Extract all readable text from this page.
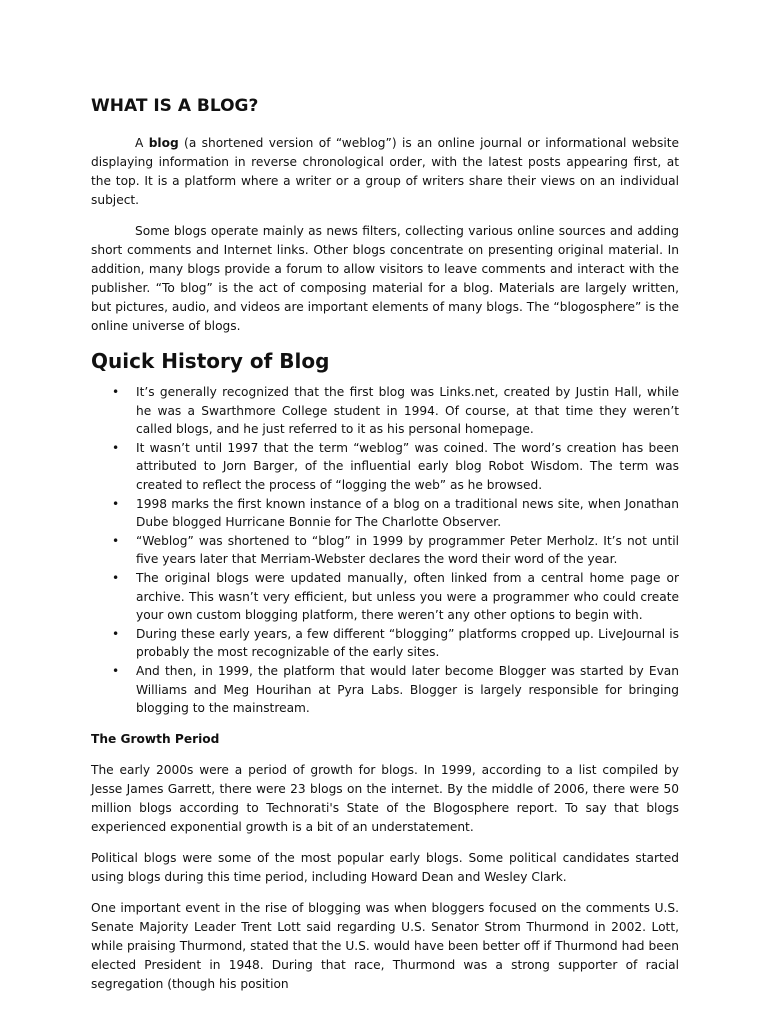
WHAT IS A BLOG?

A blog (a shortened version of “weblog”) is an online journal or informational website displaying information in reverse chronological order, with the latest posts appearing first, at the top. It is a platform where a writer or a group of writers share their views on an individual subject.

Some blogs operate mainly as news filters, collecting various online sources and adding short comments and Internet links. Other blogs concentrate on presenting original material. In addition, many blogs provide a forum to allow visitors to leave comments and interact with the publisher. “To blog” is the act of composing material for a blog. Materials are largely written, but pictures, audio, and videos are important elements of many blogs. The “blogosphere” is the online universe of blogs.

Quick History of Blog
• It’s generally recognized that the first blog was Links.net, created by Justin Hall, while he was a Swarthmore College student in 1994. Of course, at that time they weren’t called blogs, and he just referred to it as his personal homepage.
• It wasn’t until 1997 that the term “weblog” was coined. The word’s creation has been attributed to Jorn Barger, of the influential early blog Robot Wisdom. The term was created to reflect the process of “logging the web” as he browsed.
• 1998 marks the first known instance of a blog on a traditional news site, when Jonathan Dube blogged Hurricane Bonnie for The Charlotte Observer.
• “Weblog” was shortened to “blog” in 1999 by programmer Peter Merholz. It’s not until five years later that Merriam-Webster declares the word their word of the year.
• The original blogs were updated manually, often linked from a central home page or archive. This wasn’t very efficient, but unless you were a programmer who could create your own custom blogging platform, there weren’t any other options to begin with.
• During these early years, a few different “blogging” platforms cropped up. LiveJournal is probably the most recognizable of the early sites.
• And then, in 1999, the platform that would later become Blogger was started by Evan Williams and Meg Hourihan at Pyra Labs. Blogger is largely responsible for bringing blogging to the mainstream.
The Growth Period

The early 2000s were a period of growth for blogs. In 1999, according to a list compiled by Jesse James Garrett, there were 23 blogs on the internet. By the middle of 2006, there were 50 million blogs according to Technorati's State of the Blogosphere report. To say that blogs experienced exponential growth is a bit of an understatement.

Political blogs were some of the most popular early blogs. Some political candidates started using blogs during this time period, including Howard Dean and Wesley Clark.

One important event in the rise of blogging was when bloggers focused on the comments U.S. Senate Majority Leader Trent Lott said regarding U.S. Senator Strom Thurmond in 2002. Lott, while praising Thurmond, stated that the U.S. would have been better off if Thurmond had been elected President in 1948. During that race, Thurmond was a strong supporter of racial segregation (though his position
